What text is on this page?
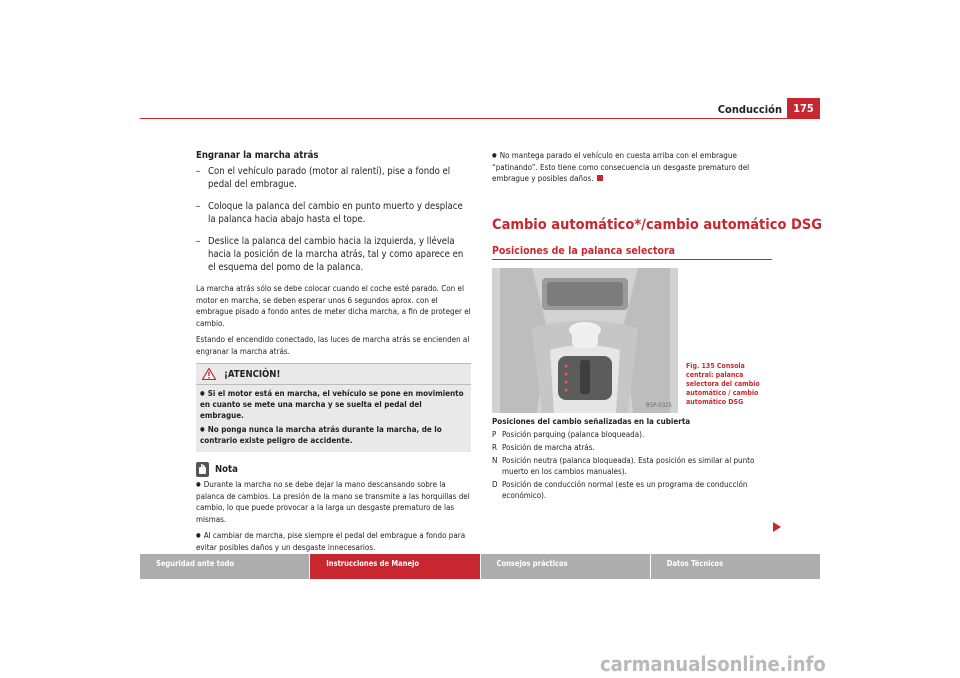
Conducción	175
Engranar la marcha atrás
– Con el vehículo parado (motor al ralentí), pise a fondo el pedal del embrague.
– Coloque la palanca del cambio en punto muerto y desplace la palanca hacia abajo hasta el tope.
– Deslice la palanca del cambio hacia la izquierda, y llévela hacia la posición de la marcha atrás, tal y como aparece en el esquema del pomo de la palanca.

La marcha atrás sólo se debe colocar cuando el coche esté parado. Con el motor en marcha, se deben esperar unos 6 segundos aprox. con el embrague pisado a fondo antes de meter dicha marcha, a fin de proteger el cambio.

Estando el encendido conectado, las luces de marcha atrás se encienden al engranar la marcha atrás.

¡ATENCIÓN!
● Si el motor está en marcha, el vehículo se pone en movimiento en cuanto se mete una marcha y se suelta el pedal del embrague.
● No ponga nunca la marcha atrás durante la marcha, de lo contrario existe peligro de accidente.
Nota

● Durante la marcha no se debe dejar la mano descansando sobre la palanca de cambios. La presión de la mano se transmite a las horquillas del cambio, lo que puede provocar a la larga un desgaste prematuro de las mismas.

● Al cambiar de marcha, pise siempre el pedal del embrague a fondo para evitar posibles daños y un desgaste innecesarios.

● No mantega parado el vehículo en cuesta arriba con el embrague “patinando”. Esto tiene como consecuencia un desgaste prematuro del embrague y posibles daños.

Cambio automático*/cambio automático DSG
Posiciones de la palanca selectora
B5P-0325
Fig. 135 Consola central: palanca selectora del cambio automático / cambio automático DSG
Posiciones del cambio señalizadas en la cubierta
P Posición parquing (palanca bloqueada).
R Posición de marcha atrás.
N Posición neutra (palanca bloqueada). Esta posición es similar al punto muerto en los cambios manuales).
D Posición de conducción normal (este es un programa de conducción económico).
Seguridad ante todo	Instrucciones de Manejo	Consejos prácticos	Datos Técnicos
carmanualsonline.info
